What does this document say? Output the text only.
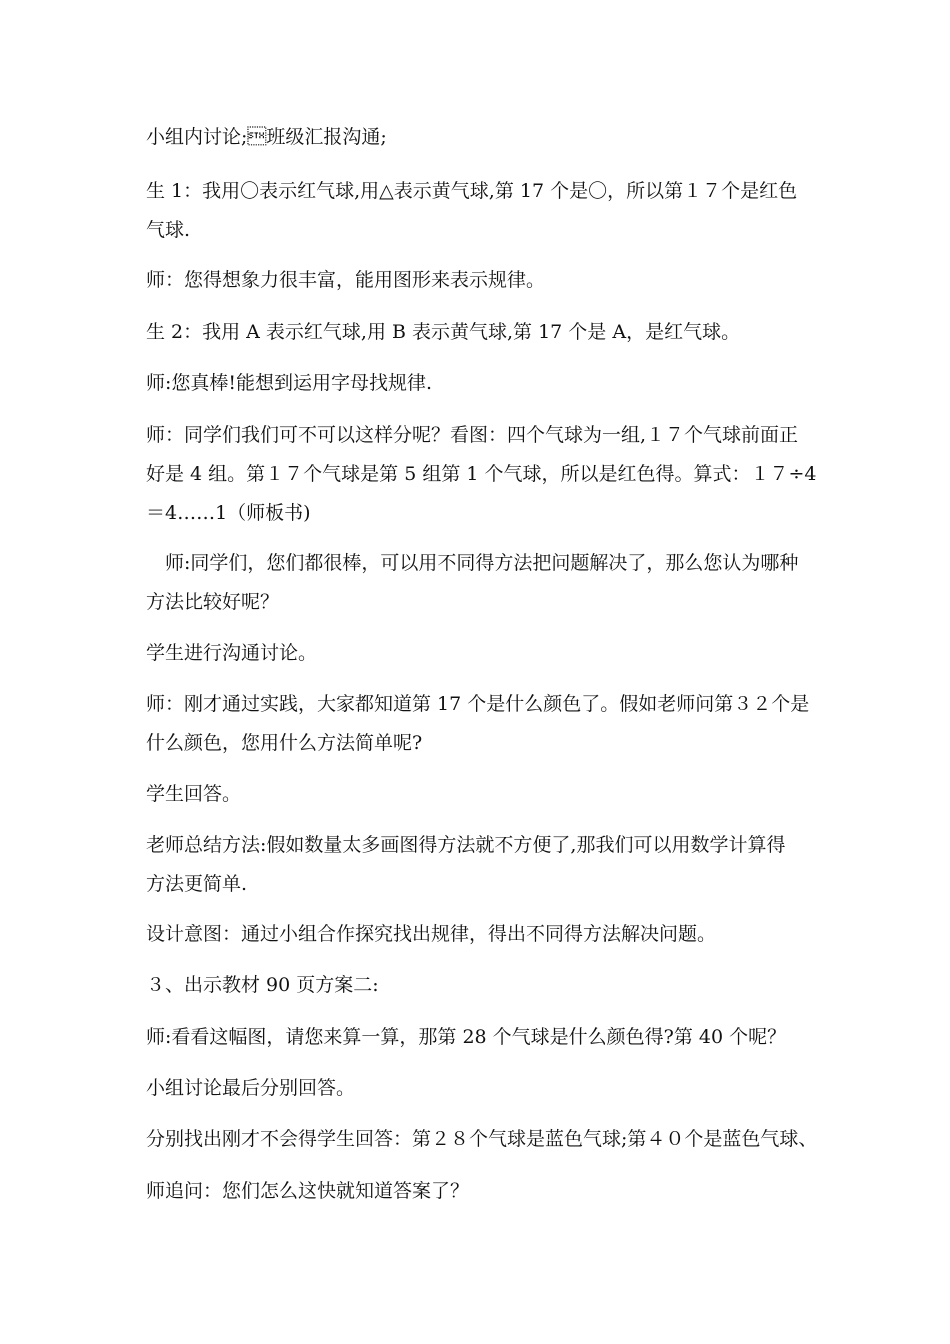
小组内讨论;班级汇报沟通;

生 1：我用〇表示红气球,用△表示黄气球,第 17 个是〇，所以第１７个是红色

气球.

师：您得想象力很丰富，能用图形来表示规律。

生 2：我用 A 表示红气球,用 B 表示黄气球,第 17 个是 A，是红气球。

师:您真棒!能想到运用字母找规律.

师：同学们我们可不可以这样分呢？看图：四个气球为一组,１７个气球前面正

好是 4 组。第１７个气球是第 5 组第 1 个气球，所以是红色得。算式：１７÷4

＝4……1（师板书)

　师:同学们，您们都很棒，可以用不同得方法把问题解决了，那么您认为哪种

方法比较好呢？

学生进行沟通讨论。

师：刚才通过实践，大家都知道第 17 个是什么颜色了。假如老师问第３２个是

什么颜色，您用什么方法简单呢?

学生回答。

老师总结方法:假如数量太多画图得方法就不方便了,那我们可以用数学计算得

方法更简单.

设计意图：通过小组合作探究找出规律，得出不同得方法解决问题。

３、出示教材 90 页方案二:

师:看看这幅图，请您来算一算，那第 28 个气球是什么颜色得?第 40 个呢？

小组讨论最后分别回答。

分别找出刚才不会得学生回答：第２８个气球是蓝色气球;第４０个是蓝色气球、

师追问：您们怎么这快就知道答案了？
